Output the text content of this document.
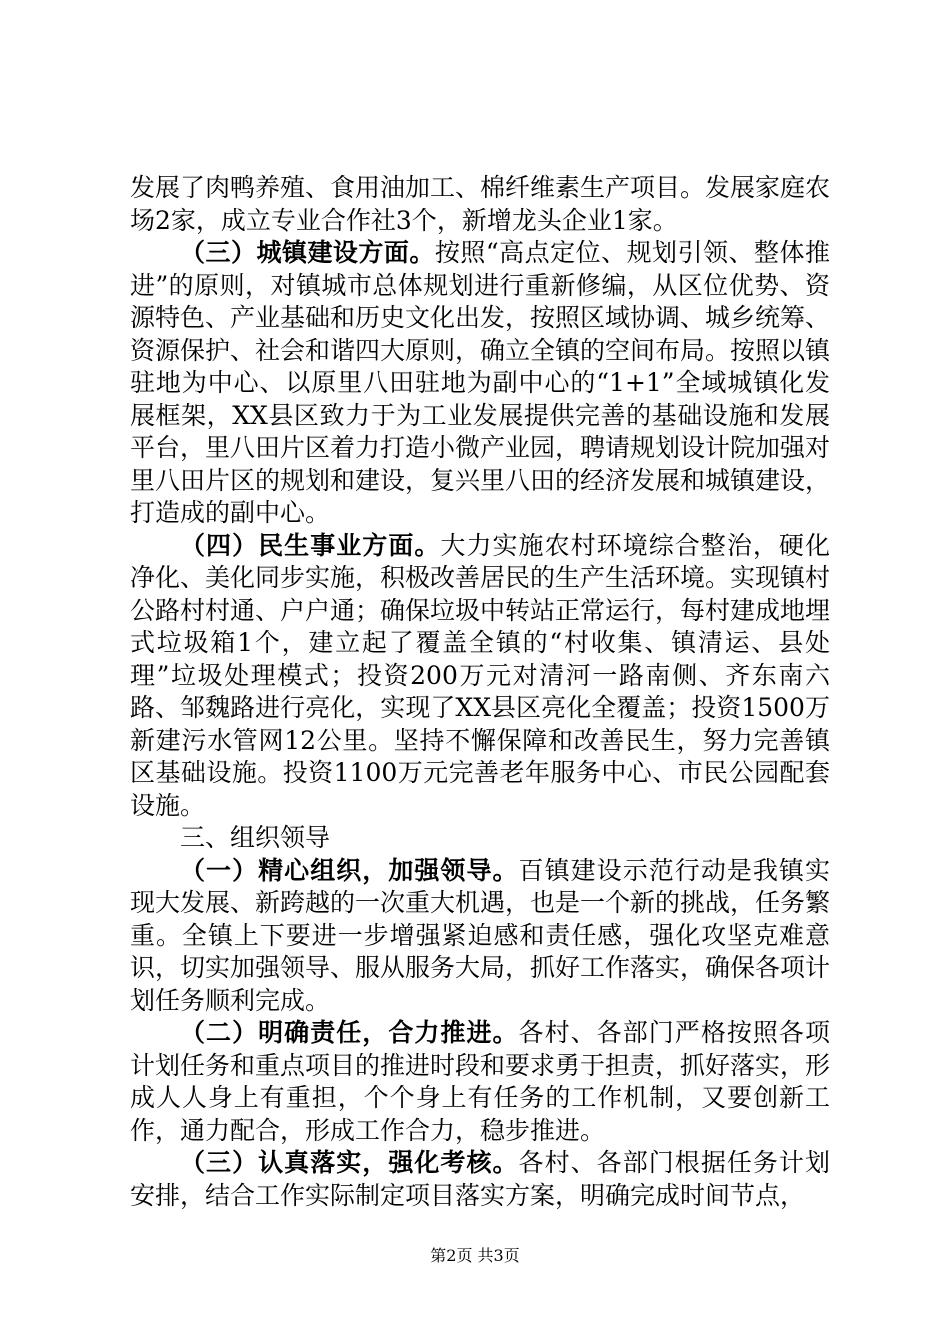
发展了肉鸭养殖、食用油加工、棉纤维素生产项目。发展家庭农场2家，成立专业合作社3个，新增龙头企业1家。

（三）城镇建设方面。按照“高点定位、规划引领、整体推进”的原则，对镇城市总体规划进行重新修编，从区位优势、资源特色、产业基础和历史文化出发，按照区域协调、城乡统筹、资源保护、社会和谐四大原则，确立全镇的空间布局。按照以镇驻地为中心、以原里八田驻地为副中心的“1+1”全域城镇化发展框架，XX县区致力于为工业发展提供完善的基础设施和发展平台，里八田片区着力打造小微产业园，聘请规划设计院加强对里八田片区的规划和建设，复兴里八田的经济发展和城镇建设，打造成的副中心。

（四）民生事业方面。大力实施农村环境综合整治，硬化净化、美化同步实施，积极改善居民的生产生活环境。实现镇村公路村村通、户户通；确保垃圾中转站正常运行，每村建成地埋式垃圾箱1个，建立起了覆盖全镇的“村收集、镇清运、县处理”垃圾处理模式；投资200万元对清河一路南侧、齐东南六路、邹魏路进行亮化，实现了XX县区亮化全覆盖；投资1500万新建污水管网12公里。坚持不懈保障和改善民生，努力完善镇区基础设施。投资1100万元完善老年服务中心、市民公园配套设施。

三、组织领导

（一）精心组织，加强领导。百镇建设示范行动是我镇实现大发展、新跨越的一次重大机遇，也是一个新的挑战，任务繁重。全镇上下要进一步增强紧迫感和责任感，强化攻坚克难意识，切实加强领导、服从服务大局，抓好工作落实，确保各项计划任务顺利完成。

（二）明确责任，合力推进。各村、各部门严格按照各项计划任务和重点项目的推进时段和要求勇于担责，抓好落实，形成人人身上有重担，个个身上有任务的工作机制，又要创新工作，通力配合，形成工作合力，稳步推进。

（三）认真落实，强化考核。各村、各部门根据任务计划安排，结合工作实际制定项目落实方案，明确完成时间节点，

第2页 共3页
